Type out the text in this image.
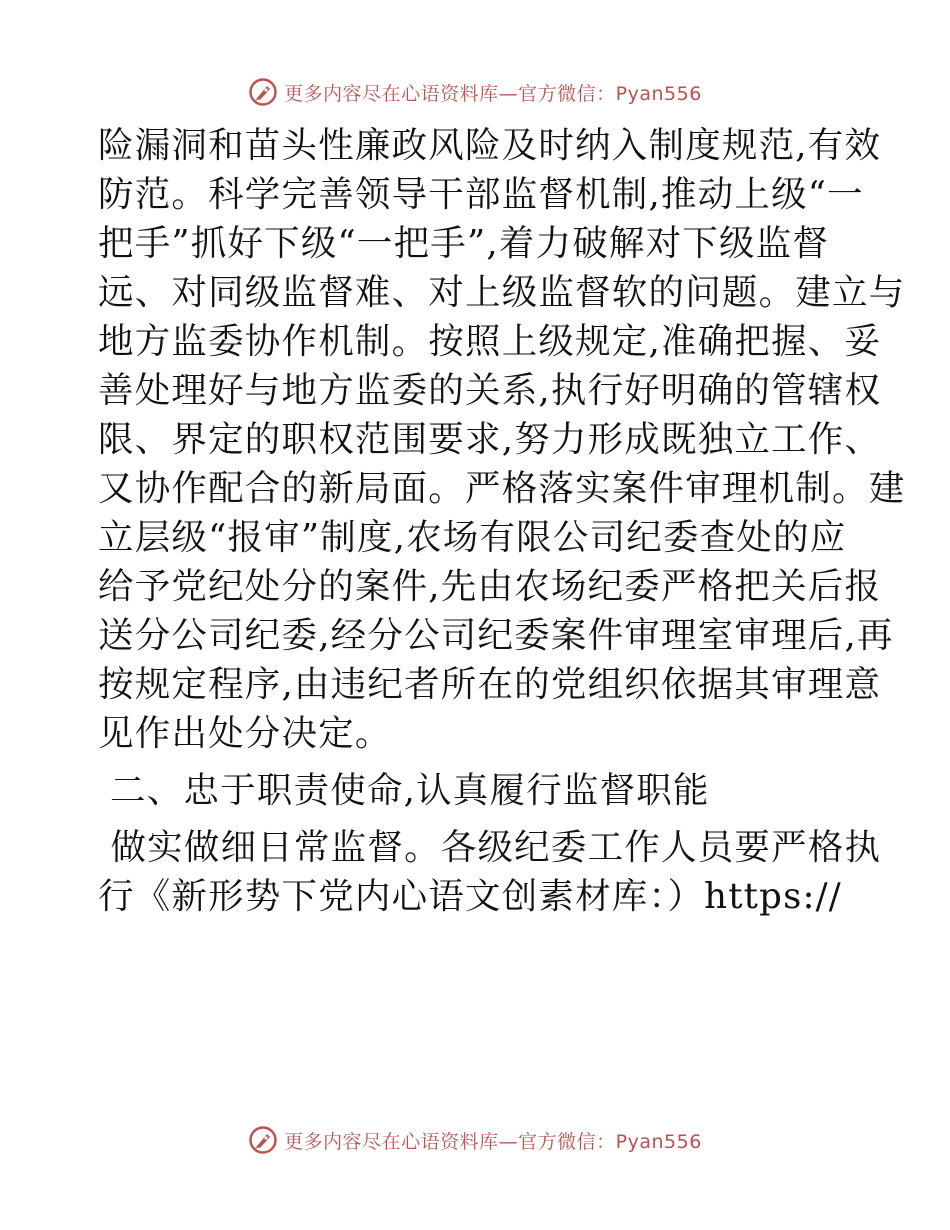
更多内容尽在心语资料库—官方微信：Pyan556
险漏洞和苗头性廉政风险及时纳入制度规范,有效
防范。科学完善领导干部监督机制,推动上级“一
把手”抓好下级“一把手”,着力破解对下级监督
远、对同级监督难、对上级监督软的问题。建立与
地方监委协作机制。按照上级规定,准确把握、妥
善处理好与地方监委的关系,执行好明确的管辖权
限、界定的职权范围要求,努力形成既独立工作、
又协作配合的新局面。严格落实案件审理机制。建
立层级“报审”制度,农场有限公司纪委查处的应
给予党纪处分的案件,先由农场纪委严格把关后报
送分公司纪委,经分公司纪委案件审理室审理后,再
按规定程序,由违纪者所在的党组织依据其审理意
见作出处分决定。
二、忠于职责使命,认真履行监督职能
做实做细日常监督。各级纪委工作人员要严格执
行《新形势下党内心语文创素材库：）https://
更多内容尽在心语资料库—官方微信：Pyan556
